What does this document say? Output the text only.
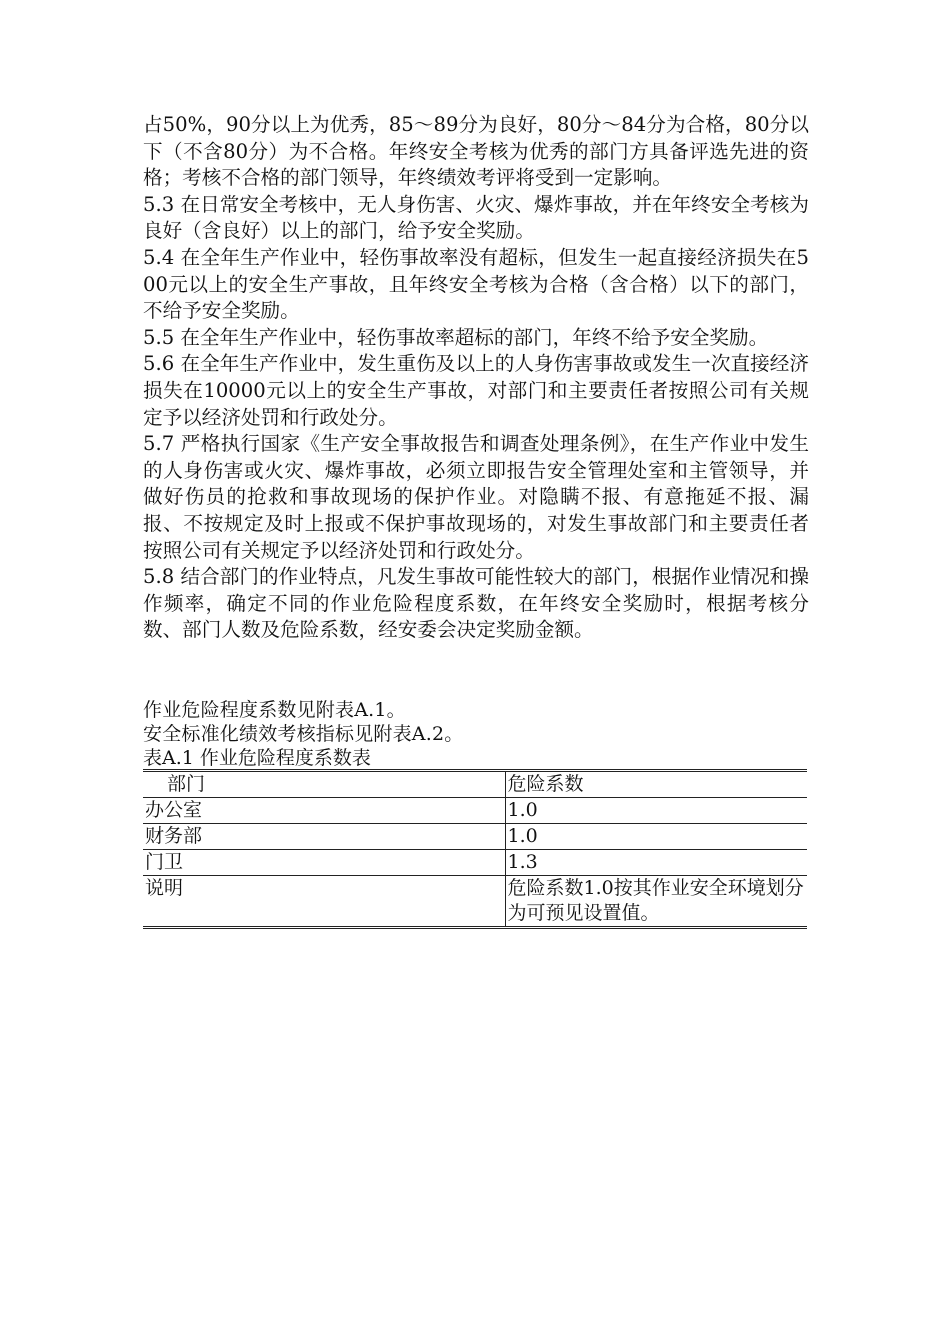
占50%，90分以上为优秀，85～89分为良好，80分～84分为合格，80分以下（不含80分）为不合格。年终安全考核为优秀的部门方具备评选先进的资格；考核不合格的部门领导，年终绩效考评将受到一定影响。

5.3 在日常安全考核中，无人身伤害、火灾、爆炸事故，并在年终安全考核为良好（含良好）以上的部门，给予安全奖励。

5.4 在全年生产作业中，轻伤事故率没有超标，但发生一起直接经济损失在500元以上的安全生产事故，且年终安全考核为合格（含合格）以下的部门，不给予安全奖励。

5.5 在全年生产作业中，轻伤事故率超标的部门，年终不给予安全奖励。

5.6 在全年生产作业中，发生重伤及以上的人身伤害事故或发生一次直接经济损失在10000元以上的安全生产事故，对部门和主要责任者按照公司有关规定予以经济处罚和行政处分。

5.7 严格执行国家《生产安全事故报告和调查处理条例》，在生产作业中发生的人身伤害或火灾、爆炸事故，必须立即报告安全管理处室和主管领导，并做好伤员的抢救和事故现场的保护作业。对隐瞒不报、有意拖延不报、漏报、不按规定及时上报或不保护事故现场的，对发生事故部门和主要责任者按照公司有关规定予以经济处罚和行政处分。

5.8 结合部门的作业特点，凡发生事故可能性较大的部门，根据作业情况和操作频率，确定不同的作业危险程度系数，在年终安全奖励时，根据考核分数、部门人数及危险系数，经安委会决定奖励金额。

作业危险程度系数见附表A.1。

安全标准化绩效考核指标见附表A.2。

表A.1 作业危险程度系数表

部门	危险系数
办公室	1.0
财务部	1.0
门卫	1.3
说明	危险系数1.0按其作业安全环境划分为可预见设置值。
